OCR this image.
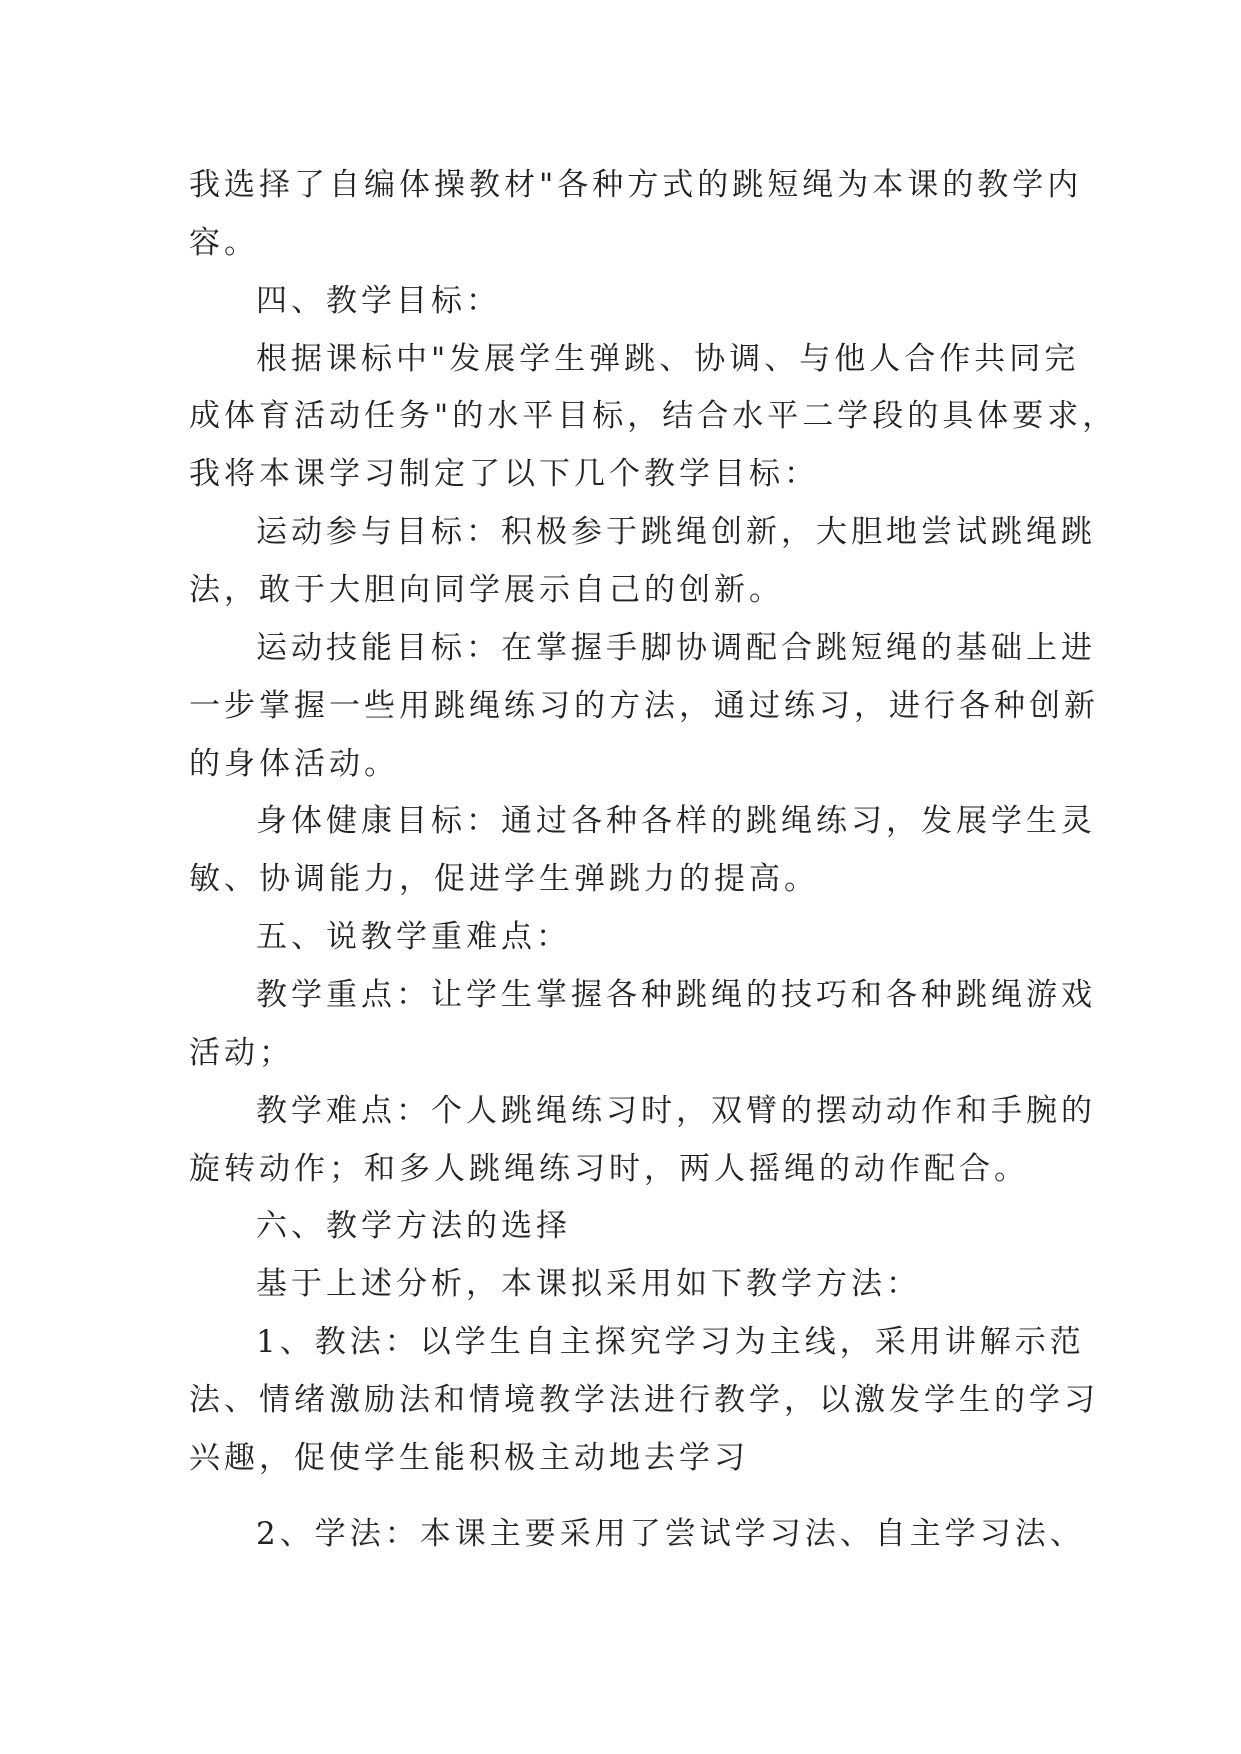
我选择了自编体操教材"各种方式的跳短绳为本课的教学内
容。
四、教学目标：
根据课标中"发展学生弹跳、协调、与他人合作共同完
成体育活动任务"的水平目标，结合水平二学段的具体要求，
我将本课学习制定了以下几个教学目标：
运动参与目标：积极参于跳绳创新，大胆地尝试跳绳跳
法，敢于大胆向同学展示自己的创新。
运动技能目标：在掌握手脚协调配合跳短绳的基础上进
一步掌握一些用跳绳练习的方法，通过练习，进行各种创新
的身体活动。
身体健康目标：通过各种各样的跳绳练习，发展学生灵
敏、协调能力，促进学生弹跳力的提高。
五、说教学重难点：
教学重点：让学生掌握各种跳绳的技巧和各种跳绳游戏
活动；
教学难点：个人跳绳练习时，双臂的摆动动作和手腕的
旋转动作；和多人跳绳练习时，两人摇绳的动作配合。
六、教学方法的选择
基于上述分析，本课拟采用如下教学方法：
1、教法：以学生自主探究学习为主线，采用讲解示范
法、情绪激励法和情境教学法进行教学，以激发学生的学习
兴趣，促使学生能积极主动地去学习
2、学法：本课主要采用了尝试学习法、自主学习法、
